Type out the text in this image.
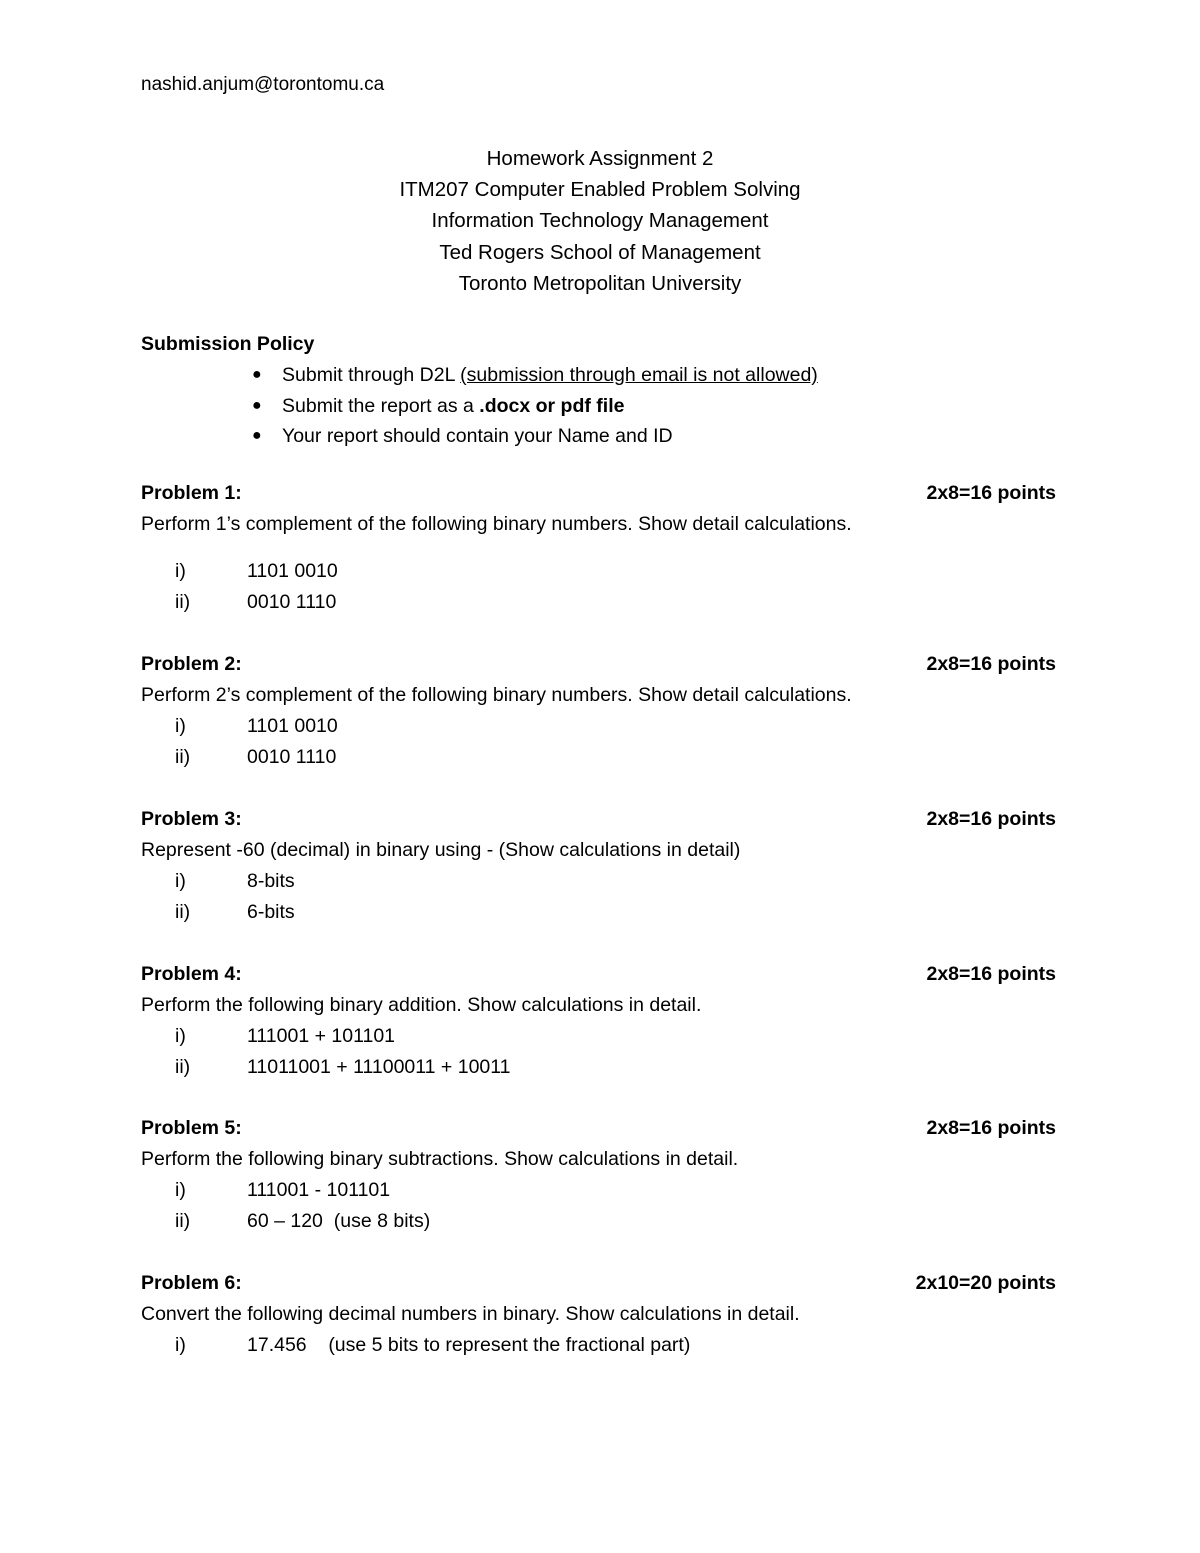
nashid.anjum@torontomu.ca
Homework Assignment 2
ITM207 Computer Enabled Problem Solving
Information Technology Management
Ted Rogers School of Management
Toronto Metropolitan University
Submission Policy
● Submit through D2L (submission through email is not allowed)
● Submit the report as a .docx or pdf file
● Your report should contain your Name and ID
Problem 1:	2x8=16 points
Perform 1’s complement of the following binary numbers. Show detail calculations.
i)	1101 0010
ii)	0010 1110
Problem 2:	2x8=16 points
Perform 2’s complement of the following binary numbers. Show detail calculations.
i)	1101 0010
ii)	0010 1110
Problem 3:	2x8=16 points
Represent -60 (decimal) in binary using - (Show calculations in detail)
i)	8-bits
ii)	6-bits
Problem 4:	2x8=16 points
Perform the following binary addition. Show calculations in detail.
i)	111001 + 101101
ii)	11011001 + 11100011 + 10011
Problem 5:	2x8=16 points
Perform the following binary subtractions. Show calculations in detail.
i)	111001 - 101101
ii)	60 – 120  (use 8 bits)
Problem 6:	2x10=20 points
Convert the following decimal numbers in binary. Show calculations in detail.
i)	17.456    (use 5 bits to represent the fractional part)
